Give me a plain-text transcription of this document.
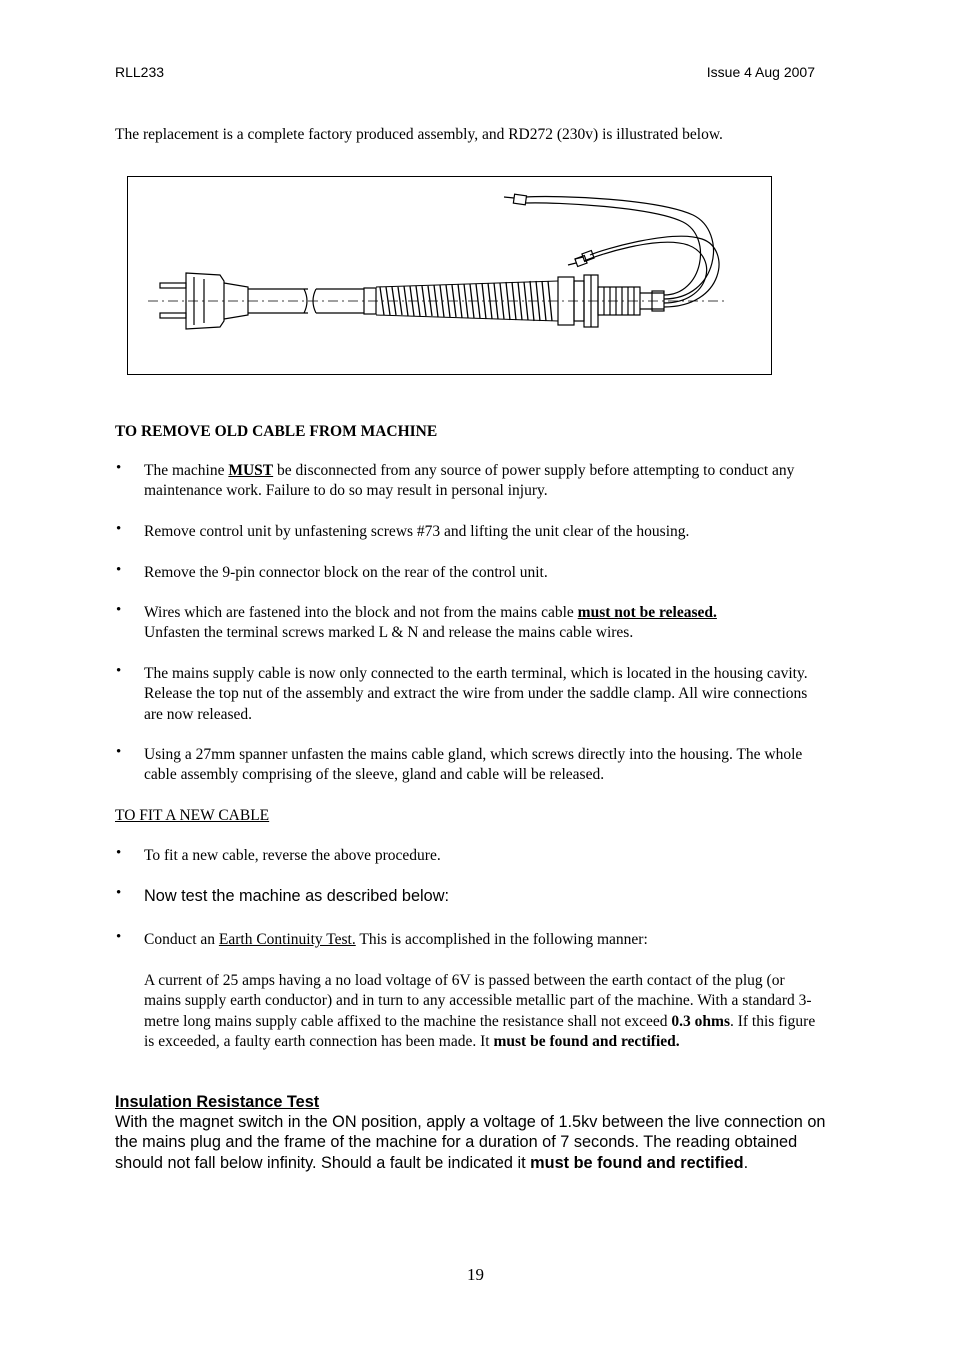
RLL233	Issue 4 Aug 2007
The replacement is a complete factory produced assembly, and RD272 (230v) is illustrated below.
TO REMOVE OLD CABLE FROM MACHINE
• The machine MUST be disconnected from any source of power supply before attempting to conduct any maintenance work. Failure to do so may result in personal injury.
• Remove control unit by unfastening screws #73 and lifting the unit clear of the housing.
• Remove the 9-pin connector block on the rear of the control unit.
• Wires which are fastened into the block and not from the mains cable must not be released.
Unfasten the terminal screws marked L & N and release the mains cable wires.
• The mains supply cable is now only connected to the earth terminal, which is located in the housing cavity. Release the top nut of the assembly and extract the wire from under the saddle clamp. All wire connections are now released.
• Using a 27mm spanner unfasten the mains cable gland, which screws directly into the housing. The whole cable assembly comprising of the sleeve, gland and cable will be released.
TO FIT A NEW CABLE
• To fit a new cable, reverse the above procedure.
• Now test the machine as described below:
• Conduct an Earth Continuity Test. This is accomplished in the following manner:
A current of 25 amps having a no load voltage of 6V is passed between the earth contact of the plug (or mains supply earth conductor) and in turn to any accessible metallic part of the machine. With a standard 3-metre long mains supply cable affixed to the machine the resistance shall not exceed 0.3 ohms. If this figure is exceeded, a faulty earth connection has been made. It must be found and rectified.
Insulation Resistance Test
With the magnet switch in the ON position, apply a voltage of 1.5kv between the live connection on the mains plug and the frame of the machine for a duration of 7 seconds. The reading obtained should not fall below infinity. Should a fault be indicated it must be found and rectified.
19
